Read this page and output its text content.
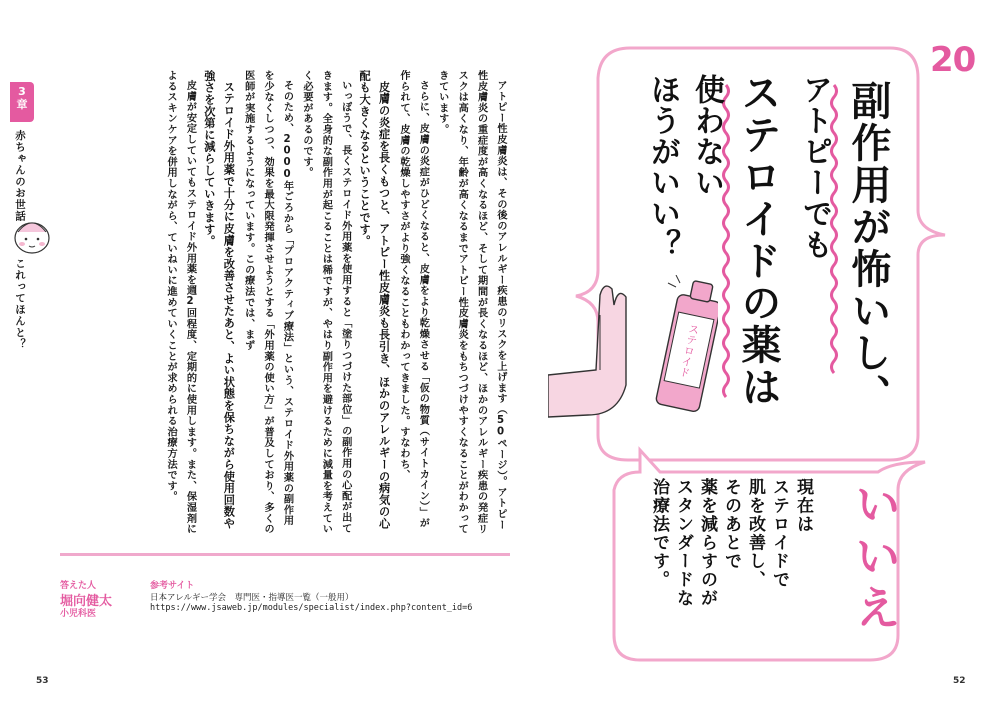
3
章
赤ちゃんのお世話
これってほんと？	アトピー性皮膚炎は、その後のアレルギー疾患のリスクを上げます（50ページ）。アトピー性皮膚炎の重症度が高くなるほど、そして期間が長くなるほど、ほかのアレルギー疾患の発症リスクは高くなり、年齢が高くなるまでアトピー性皮膚炎をもちつづけやすくなることがわかってきています。

さらに、皮膚の炎症がひどくなると、皮膚をより乾燥させる「仮の物質（サイトカイン）」が作られて、皮膚の乾燥しやすさがより強くなることもわかってきました。すなわち、

皮膚の炎症を長くもつと、アトピー性皮膚炎も長引き、ほかのアレルギーの病気の心配も大きくなるということです。

いっぽうで、長くステロイド外用薬を使用すると「塗りつづけた部位」の副作用の心配が出てきます。全身的な副作用が起こることは稀ですが、やはり副作用を避けるために減量を考えていく必要があるのです。

そのため、2000年ごろから「プロアクティブ療法」という、ステロイド外用薬の副作用を少なくしつつ、効果を最大限発揮させようとする「外用薬の使い方」が普及しており、多くの医師が実施するようになっています。この療法では、まず

ステロイド外用薬で十分に皮膚を改善させたあと、よい状態を保ちながら使用回数や強さを次第に減らしていきます。

皮膚が安定していてもステロイド外用薬を週2回程度、定期的に使用します。また、保湿剤によるスキンケアを併用しながら、ていねいに進めていくことが求められる治療方法です。

答えた人
堀向健太
小児科医
参考サイト
日本アレルギー学会　専門医・指導医一覧（一般用）
https://www.jsaweb.jp/modules/specialist/index.php?content_id=6
53
20
副作用が怖いし、
アトピーでも
ステロイドの薬は
使わない
ほうがいい？
ステロイド
いいえ

現在は

ステロイドで

肌を改善し、

そのあとで

薬を減らすのが

スタンダードな

治療法です。

52
